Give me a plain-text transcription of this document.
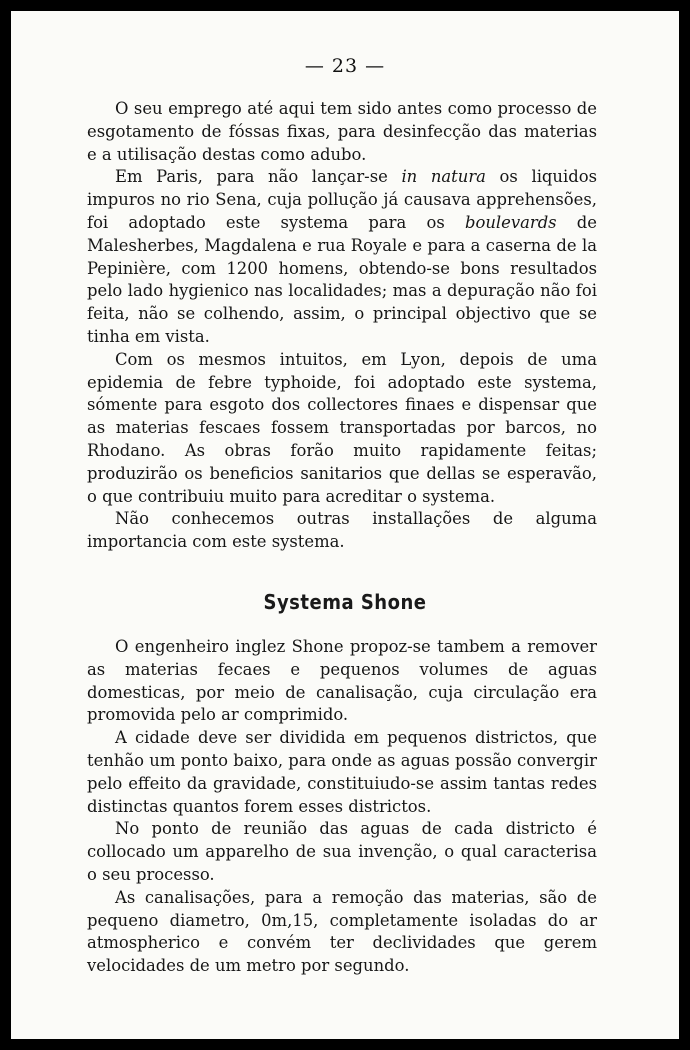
— 23 —

O seu emprego até aqui tem sido antes como processo de esgotamento de fóssas fixas, para desinfecção das materias e a utilisação destas como adubo.

Em Paris, para não lançar-se in natura os liquidos impuros no rio Sena, cuja pollução já causava apprehensões, foi adoptado este systema para os boulevards de Malesherbes, Magdalena e rua Royale e para a caserna de la Pepinière, com 1200 homens, obtendo-se bons resultados pelo lado hygienico nas localidades; mas a depuração não foi feita, não se colhendo, assim, o principal objectivo que se tinha em vista.

Com os mesmos intuitos, em Lyon, depois de uma epidemia de febre typhoide, foi adoptado este systema, sómente para esgoto dos collectores finaes e dispensar que as materias fescaes fossem transportadas por barcos, no Rhodano. As obras forão muito rapidamente feitas; produzirão os beneficios sanitarios que dellas se esperavão, o que contribuiu muito para acreditar o systema.

Não conhecemos outras installações de alguma importancia com este systema.

Systema Shone

O engenheiro inglez Shone propoz-se tambem a remover as materias fecaes e pequenos volumes de aguas domesticas, por meio de canalisação, cuja circulação era promovida pelo ar comprimido.

A cidade deve ser dividida em pequenos districtos, que tenhão um ponto baixo, para onde as aguas possão convergir pelo effeito da gravidade, constituiudo-se assim tantas redes distinctas quantos forem esses districtos.

No ponto de reunião das aguas de cada districto é collocado um apparelho de sua invenção, o qual caracterisa o seu processo.

As canalisações, para a remoção das materias, são de pequeno diametro, 0m,15, completamente isoladas do ar atmospherico e convém ter declividades que gerem velocidades de um metro por segundo.
